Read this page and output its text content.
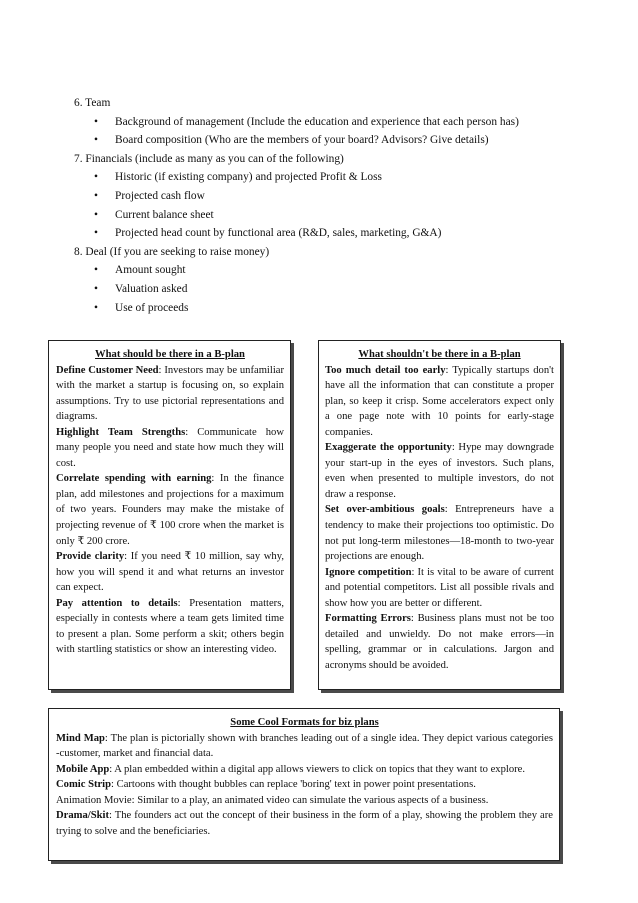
6. Team

• Background of management (Include the education and experience that each person has)
• Board composition (Who are the members of your board? Advisors? Give details)

7. Financials (include as many as you can of the following)

• Historic (if existing company) and projected Profit & Loss
• Projected cash flow
• Current balance sheet
• Projected head count by functional area (R&D, sales, marketing, G&A)

8. Deal (If you are seeking to raise money)

• Amount sought
• Valuation asked
• Use of proceeds

What should be there in a B-plan

Define Customer Need: Investors may be unfamiliar with the market a startup is focusing on, so explain assumptions. Try to use pictorial representations and diagrams.

Highlight Team Strengths: Communicate how many people you need and state how much they will cost.

Correlate spending with earning: In the finance plan, add milestones and projections for a maximum of two years. Founders may make the mistake of projecting revenue of ₹ 100 crore when the market is only ₹ 200 crore.

Provide clarity: If you need ₹ 10 million, say why, how you will spend it and what returns an investor can expect.

Pay attention to details: Presentation matters, especially in contests where a team gets limited time to present a plan. Some perform a skit; others begin with startling statistics or show an interesting video.

What shouldn't be there in a B-plan

Too much detail too early: Typically startups don't have all the information that can constitute a proper plan, so keep it crisp. Some accelerators expect only a one page note with 10 points for early-stage companies.

Exaggerate the opportunity: Hype may downgrade your start-up in the eyes of investors. Such plans, even when presented to multiple investors, do not draw a response.

Set over-ambitious goals: Entrepreneurs have a tendency to make their projections too optimistic. Do not put long-term milestones—18-month to two-year projections are enough.

Ignore competition: It is vital to be aware of current and potential competitors. List all possible rivals and show how you are better or different.

Formatting Errors: Business plans must not be too detailed and unwieldy. Do not make errors—in spelling, grammar or in calculations. Jargon and acronyms should be avoided.

Some Cool Formats for biz plans

Mind Map: The plan is pictorially shown with branches leading out of a single idea. They depict various categories -customer, market and financial data.

Mobile App: A plan embedded within a digital app allows viewers to click on topics that they want to explore.

Comic Strip: Cartoons with thought bubbles can replace 'boring' text in power point presentations.

Animation Movie: Similar to a play, an animated video can simulate the various aspects of a business.

Drama/Skit: The founders act out the concept of their business in the form of a play, showing the problem they are trying to solve and the beneficiaries.
